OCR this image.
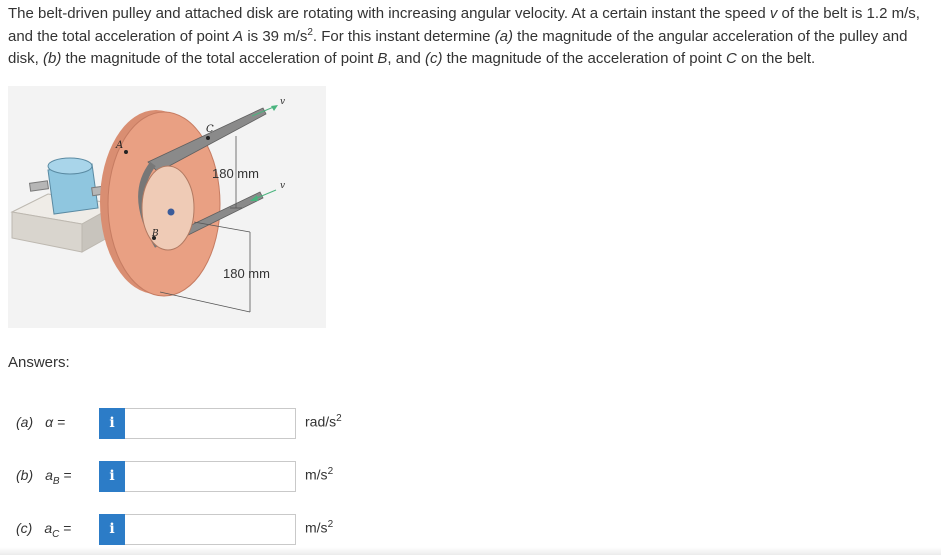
The belt-driven pulley and attached disk are rotating with increasing angular velocity. At a certain instant the speed v of the belt is 1.2 m/s, and the total acceleration of point A is 39 $m/s^2$. For this instant determine (a) the magnitude of the angular acceleration of the pulley and disk, (b) the magnitude of the total acceleration of point B, and (c) the magnitude of the acceleration of point C on the belt.
A
B
C
v
v
180 mm
180 mm
Answers:
(a) α =	i	rad/$s^2$
(b) $a_B$ =	i	$m/s^2$
(c) $a_C$ =	i	$m/s^2$
